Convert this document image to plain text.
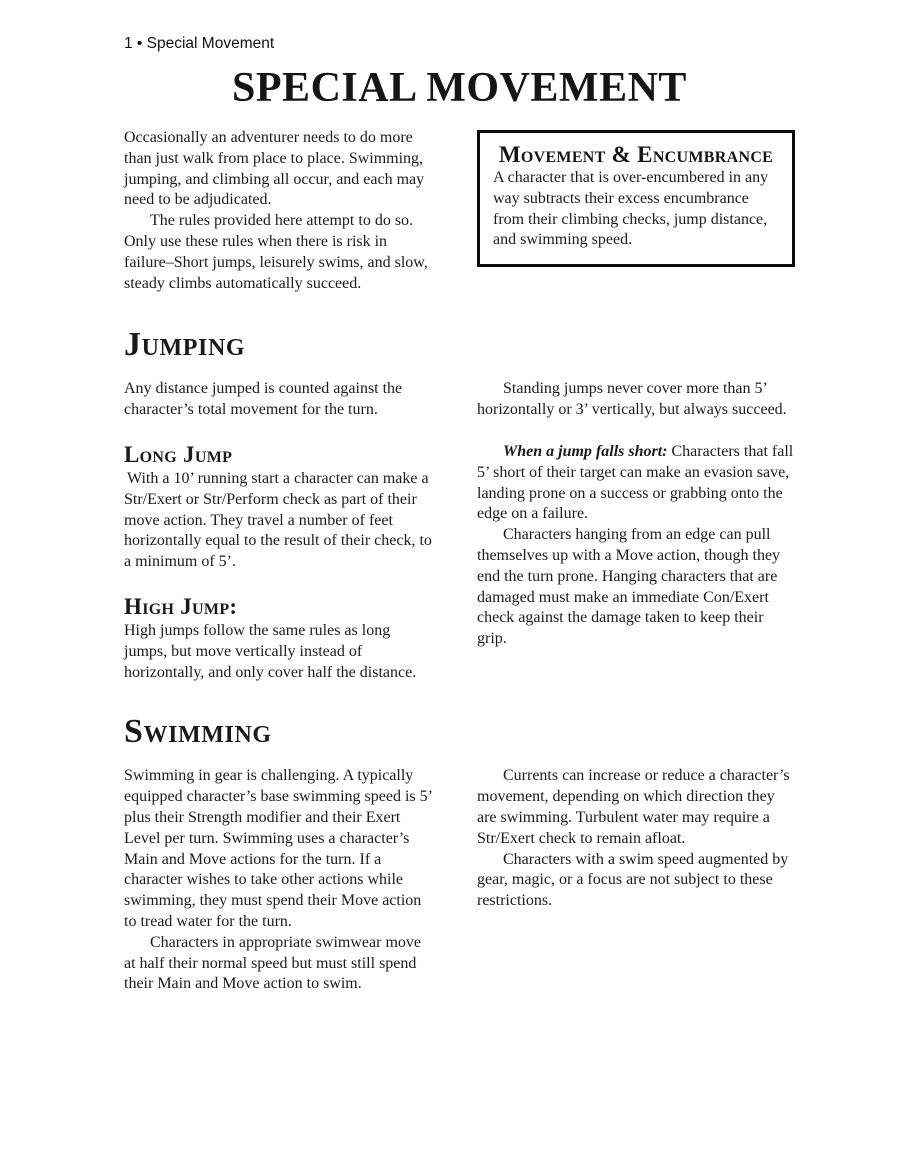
1 • Special Movement
SPECIAL MOVEMENT

Occasionally an adventurer needs to do more than just walk from place to place. Swimming, jumping, and climbing all occur, and each may need to be adjudicated.

The rules provided here attempt to do so. Only use these rules when there is risk in failure–Short jumps, leisurely swims, and slow, steady climbs automatically succeed.

Movement & Encumbrance

A character that is over-encumbered in any way subtracts their excess encumbrance from their climbing checks, jump distance, and swimming speed.

Jumping

Any distance jumped is counted against the character’s total movement for the turn.

Long Jump

With a 10’ running start a character can make a Str/Exert or Str/Perform check as part of their move action. They travel a number of feet horizontally equal to the result of their check, to a minimum of 5’.

High Jump:

High jumps follow the same rules as long jumps, but move vertically instead of horizontally, and only cover half the distance.

Standing jumps never cover more than 5’ horizontally or 3’ vertically, but always succeed.

When a jump falls short: Characters that fall 5’ short of their target can make an evasion save, landing prone on a success or grabbing onto the edge on a failure.

Characters hanging from an edge can pull themselves up with a Move action, though they end the turn prone. Hanging characters that are damaged must make an immediate Con/Exert check against the damage taken to keep their grip.

Swimming

Swimming in gear is challenging. A typically equipped character’s base swimming speed is 5’ plus their Strength modifier and their Exert Level per turn. Swimming uses a character’s Main and Move actions for the turn. If a character wishes to take other actions while swimming, they must spend their Move action to tread water for the turn.

Characters in appropriate swimwear move at half their normal speed but must still spend their Main and Move action to swim.

Currents can increase or reduce a character’s movement, depending on which direction they are swimming. Turbulent water may require a Str/Exert check to remain afloat.

Characters with a swim speed augmented by gear, magic, or a focus are not subject to these restrictions.
